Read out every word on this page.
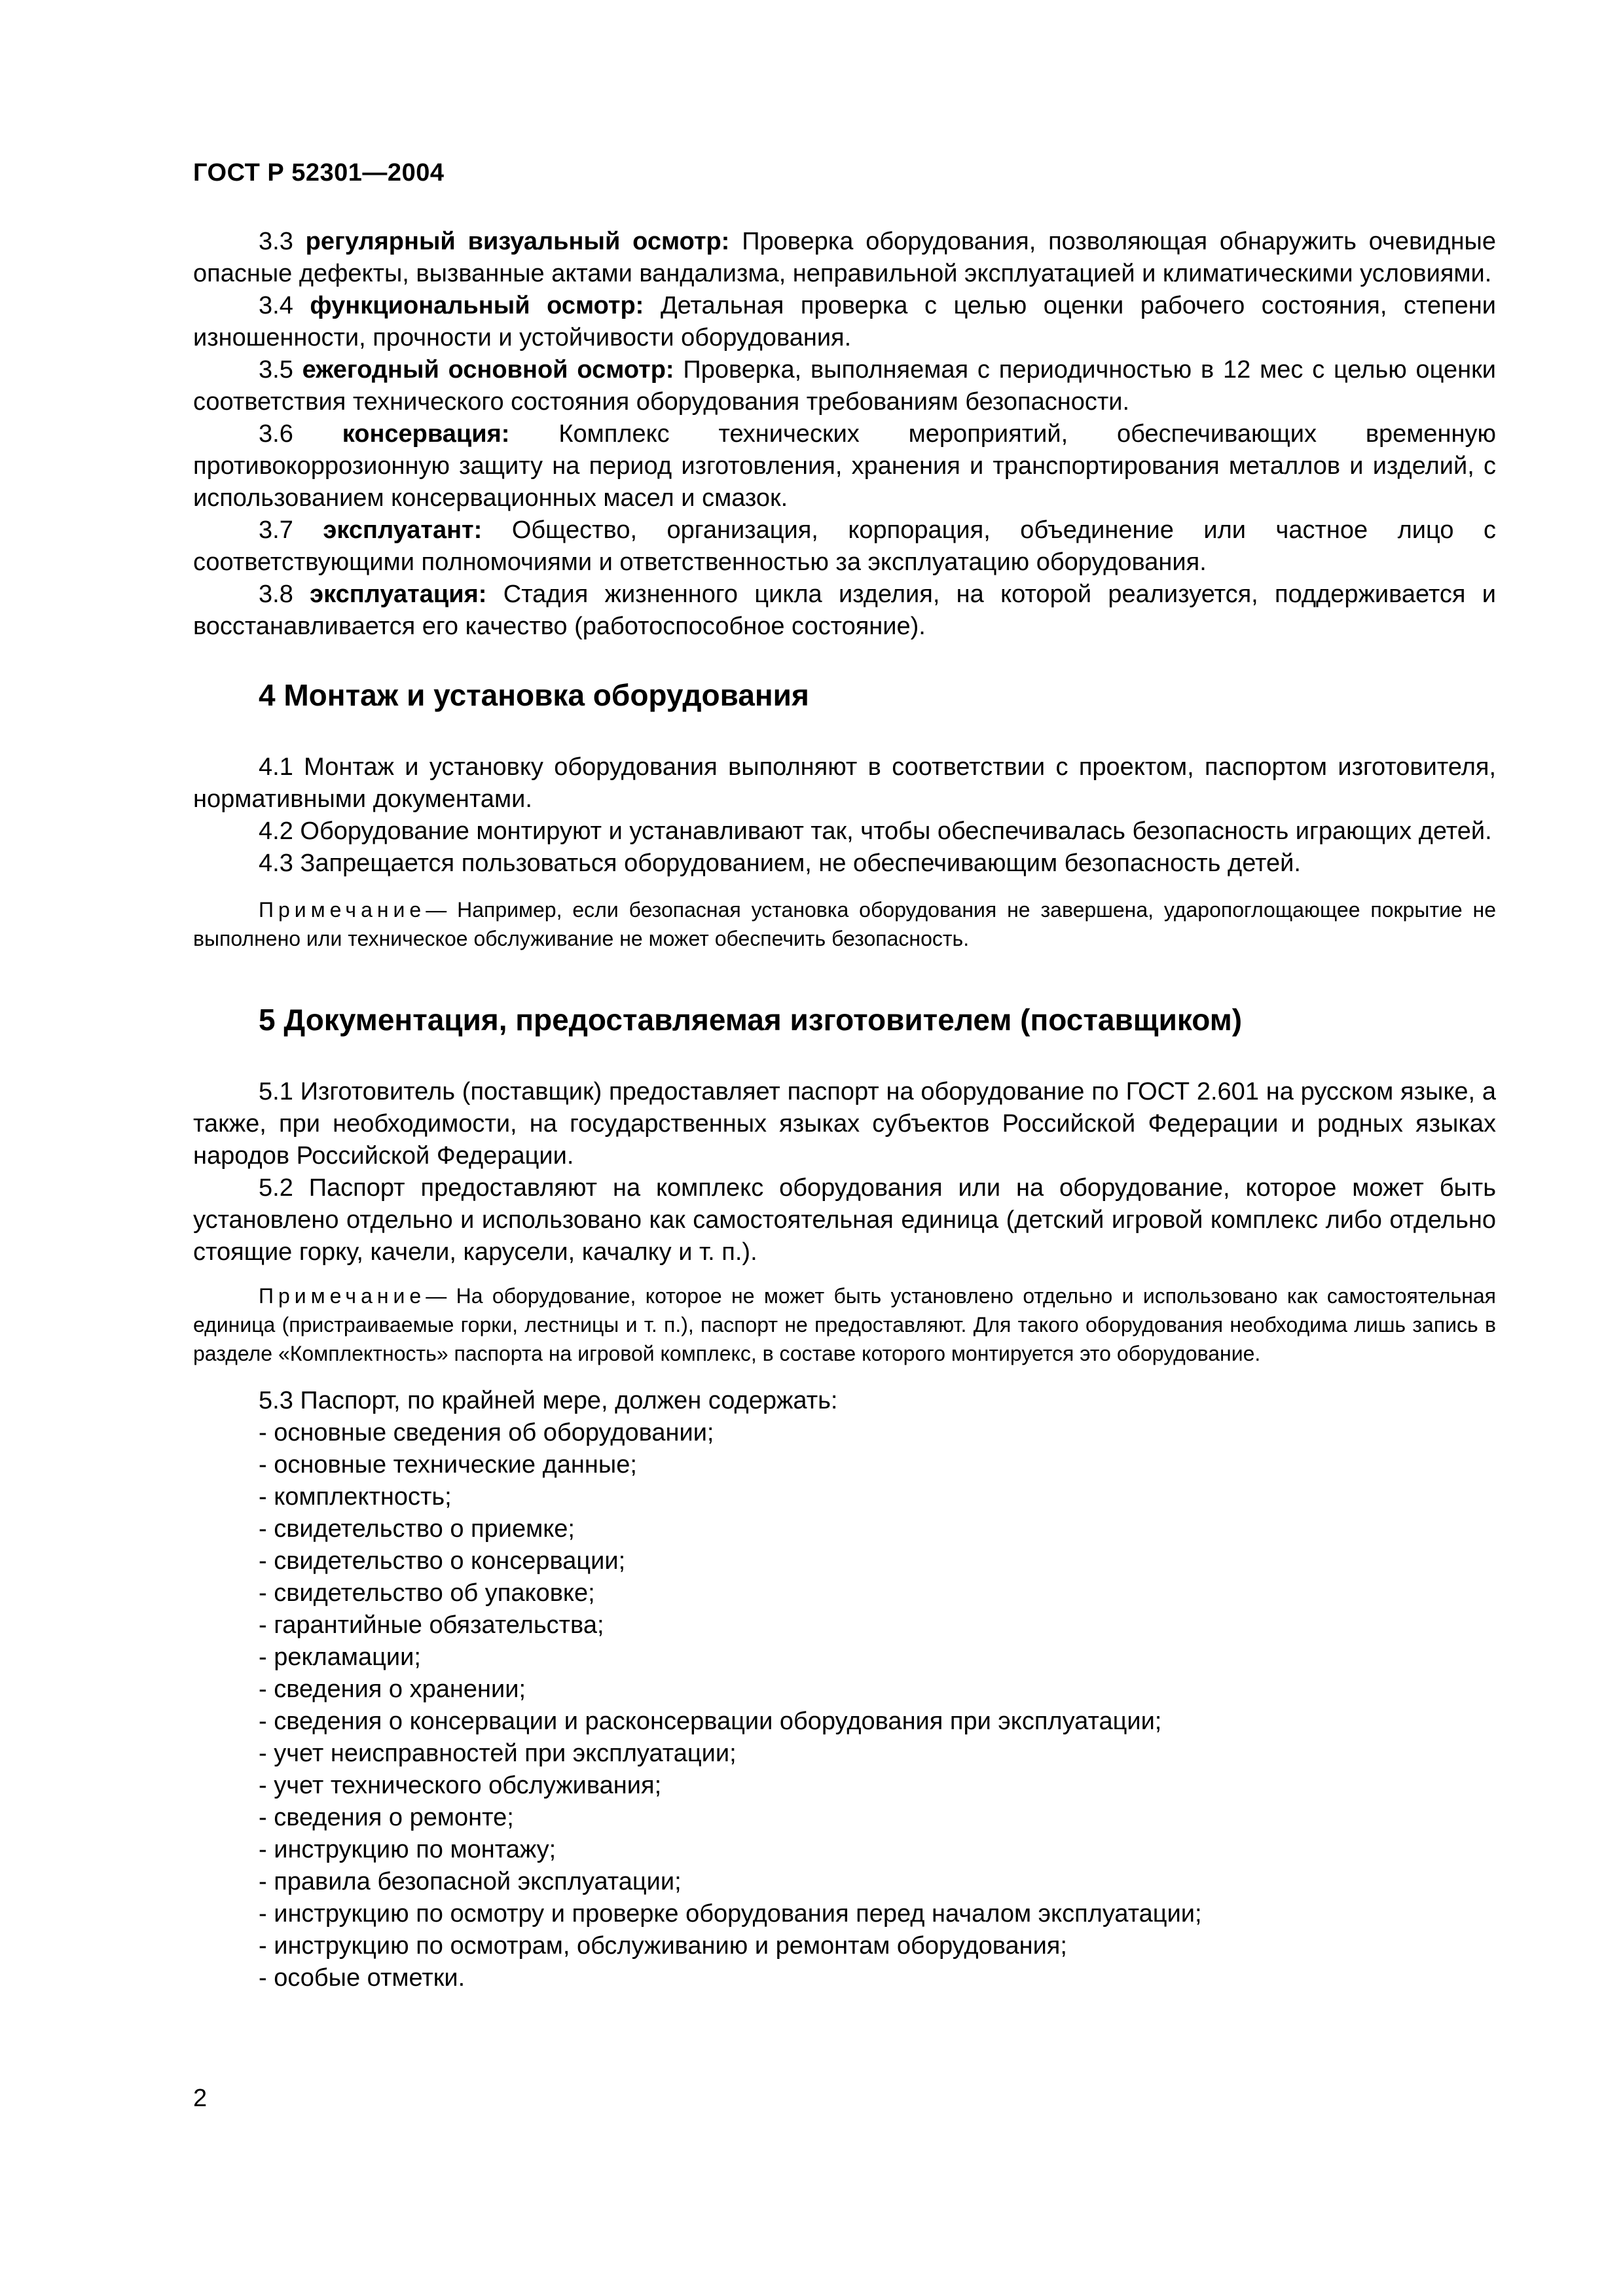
ГОСТ Р 52301—2004

3.3 регулярный визуальный осмотр: Проверка оборудования, позволяющая обнаружить очевидные опасные дефекты, вызванные актами вандализма, неправильной эксплуатацией и климатическими условиями.

3.4 функциональный осмотр: Детальная проверка с целью оценки рабочего состояния, степени изношенности, прочности и устойчивости оборудования.

3.5 ежегодный основной осмотр: Проверка, выполняемая с периодичностью в 12 мес с целью оценки соответствия технического состояния оборудования требованиям безопасности.

3.6 консервация: Комплекс технических мероприятий, обеспечивающих временную противокоррозионную защиту на период изготовления, хранения и транспортирования металлов и изделий, с использованием консервационных масел и смазок.

3.7 эксплуатант: Общество, организация, корпорация, объединение или частное лицо с соответствующими полномочиями и ответственностью за эксплуатацию оборудования.

3.8 эксплуатация: Стадия жизненного цикла изделия, на которой реализуется, поддерживается и восстанавливается его качество (работоспособное состояние).

4 Монтаж и установка оборудования

4.1 Монтаж и установку оборудования выполняют в соответствии с проектом, паспортом изготовителя, нормативными документами.

4.2 Оборудование монтируют и устанавливают так, чтобы обеспечивалась безопасность играющих детей.

4.3 Запрещается пользоваться оборудованием, не обеспечивающим безопасность детей.

Примечание— Например, если безопасная установка оборудования не завершена, ударопоглощающее покрытие не выполнено или техническое обслуживание не может обеспечить безопасность.

5 Документация, предоставляемая изготовителем (поставщиком)

5.1 Изготовитель (поставщик) предоставляет паспорт на оборудование по ГОСТ 2.601 на русском языке, а также, при необходимости, на государственных языках субъектов Российской Федерации и родных языках народов Российской Федерации.

5.2 Паспорт предоставляют на комплекс оборудования или на оборудование, которое может быть установлено отдельно и использовано как самостоятельная единица (детский игровой комплекс либо отдельно стоящие горку, качели, карусели, качалку и т. п.).

Примечание— На оборудование, которое не может быть установлено отдельно и использовано как самостоятельная единица (пристраиваемые горки, лестницы и т. п.), паспорт не предоставляют. Для такого оборудования необходима лишь запись в разделе «Комплектность» паспорта на игровой комплекс, в составе которого монтируется это оборудование.

5.3 Паспорт, по крайней мере, должен содержать:

- основные сведения об оборудовании;
- основные технические данные;
- комплектность;
- свидетельство о приемке;
- свидетельство о консервации;
- свидетельство об упаковке;
- гарантийные обязательства;
- рекламации;
- сведения о хранении;
- сведения о консервации и расконсервации оборудования при эксплуатации;
- учет неисправностей при эксплуатации;
- учет технического обслуживания;
- сведения о ремонте;
- инструкцию по монтажу;
- правила безопасной эксплуатации;
- инструкцию по осмотру и проверке оборудования перед началом эксплуатации;
- инструкцию по осмотрам, обслуживанию и ремонтам оборудования;
- особые отметки.
2
